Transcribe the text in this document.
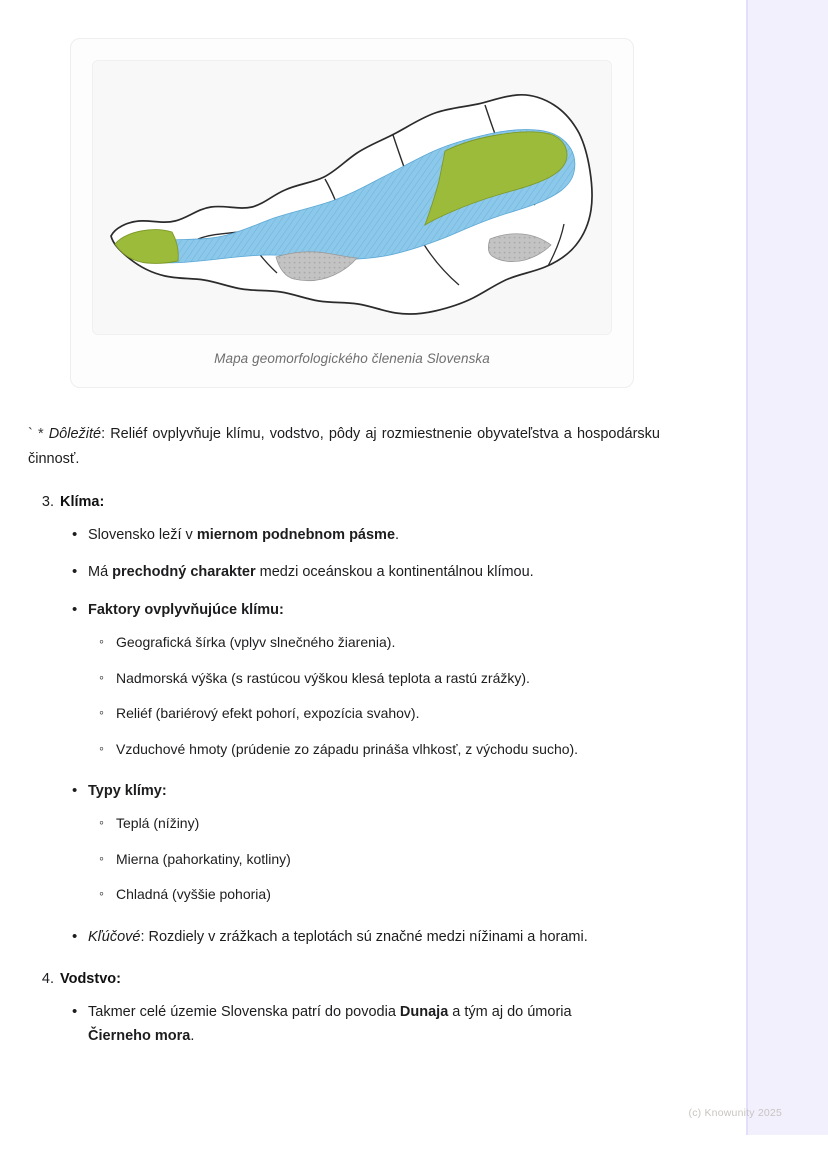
Mapa geomorfologického členenia Slovenska

` * Dôležité: Reliéf ovplyvňuje klímu, vodstvo, pôdy aj rozmiestnenie obyvateľstva a hospodársku činnosť.

3. Klíma:
• Slovensko leží v miernom podnebnom pásme.
• Má prechodný charakter medzi oceánskou a kontinentálnou klímou.
• Faktory ovplyvňujúce klímu:
◦ Geografická šírka (vplyv slnečného žiarenia).
◦ Nadmorská výška (s rastúcou výškou klesá teplota a rastú zrážky).
◦ Reliéf (bariérový efekt pohorí, expozícia svahov).
◦ Vzduchové hmoty (prúdenie zo západu prináša vlhkosť, z východu sucho).
• Typy klímy:
◦ Teplá (nížiny)
◦ Mierna (pahorkatiny, kotliny)
◦ Chladná (vyššie pohoria)
• Kľúčové: Rozdiely v zrážkach a teplotách sú značné medzi nížinami a horami.
4. Vodstvo:
• Takmer celé územie Slovenska patrí do povodia Dunaja a tým aj do úmoria Čierneho mora.
(c) Knowunity 2025
